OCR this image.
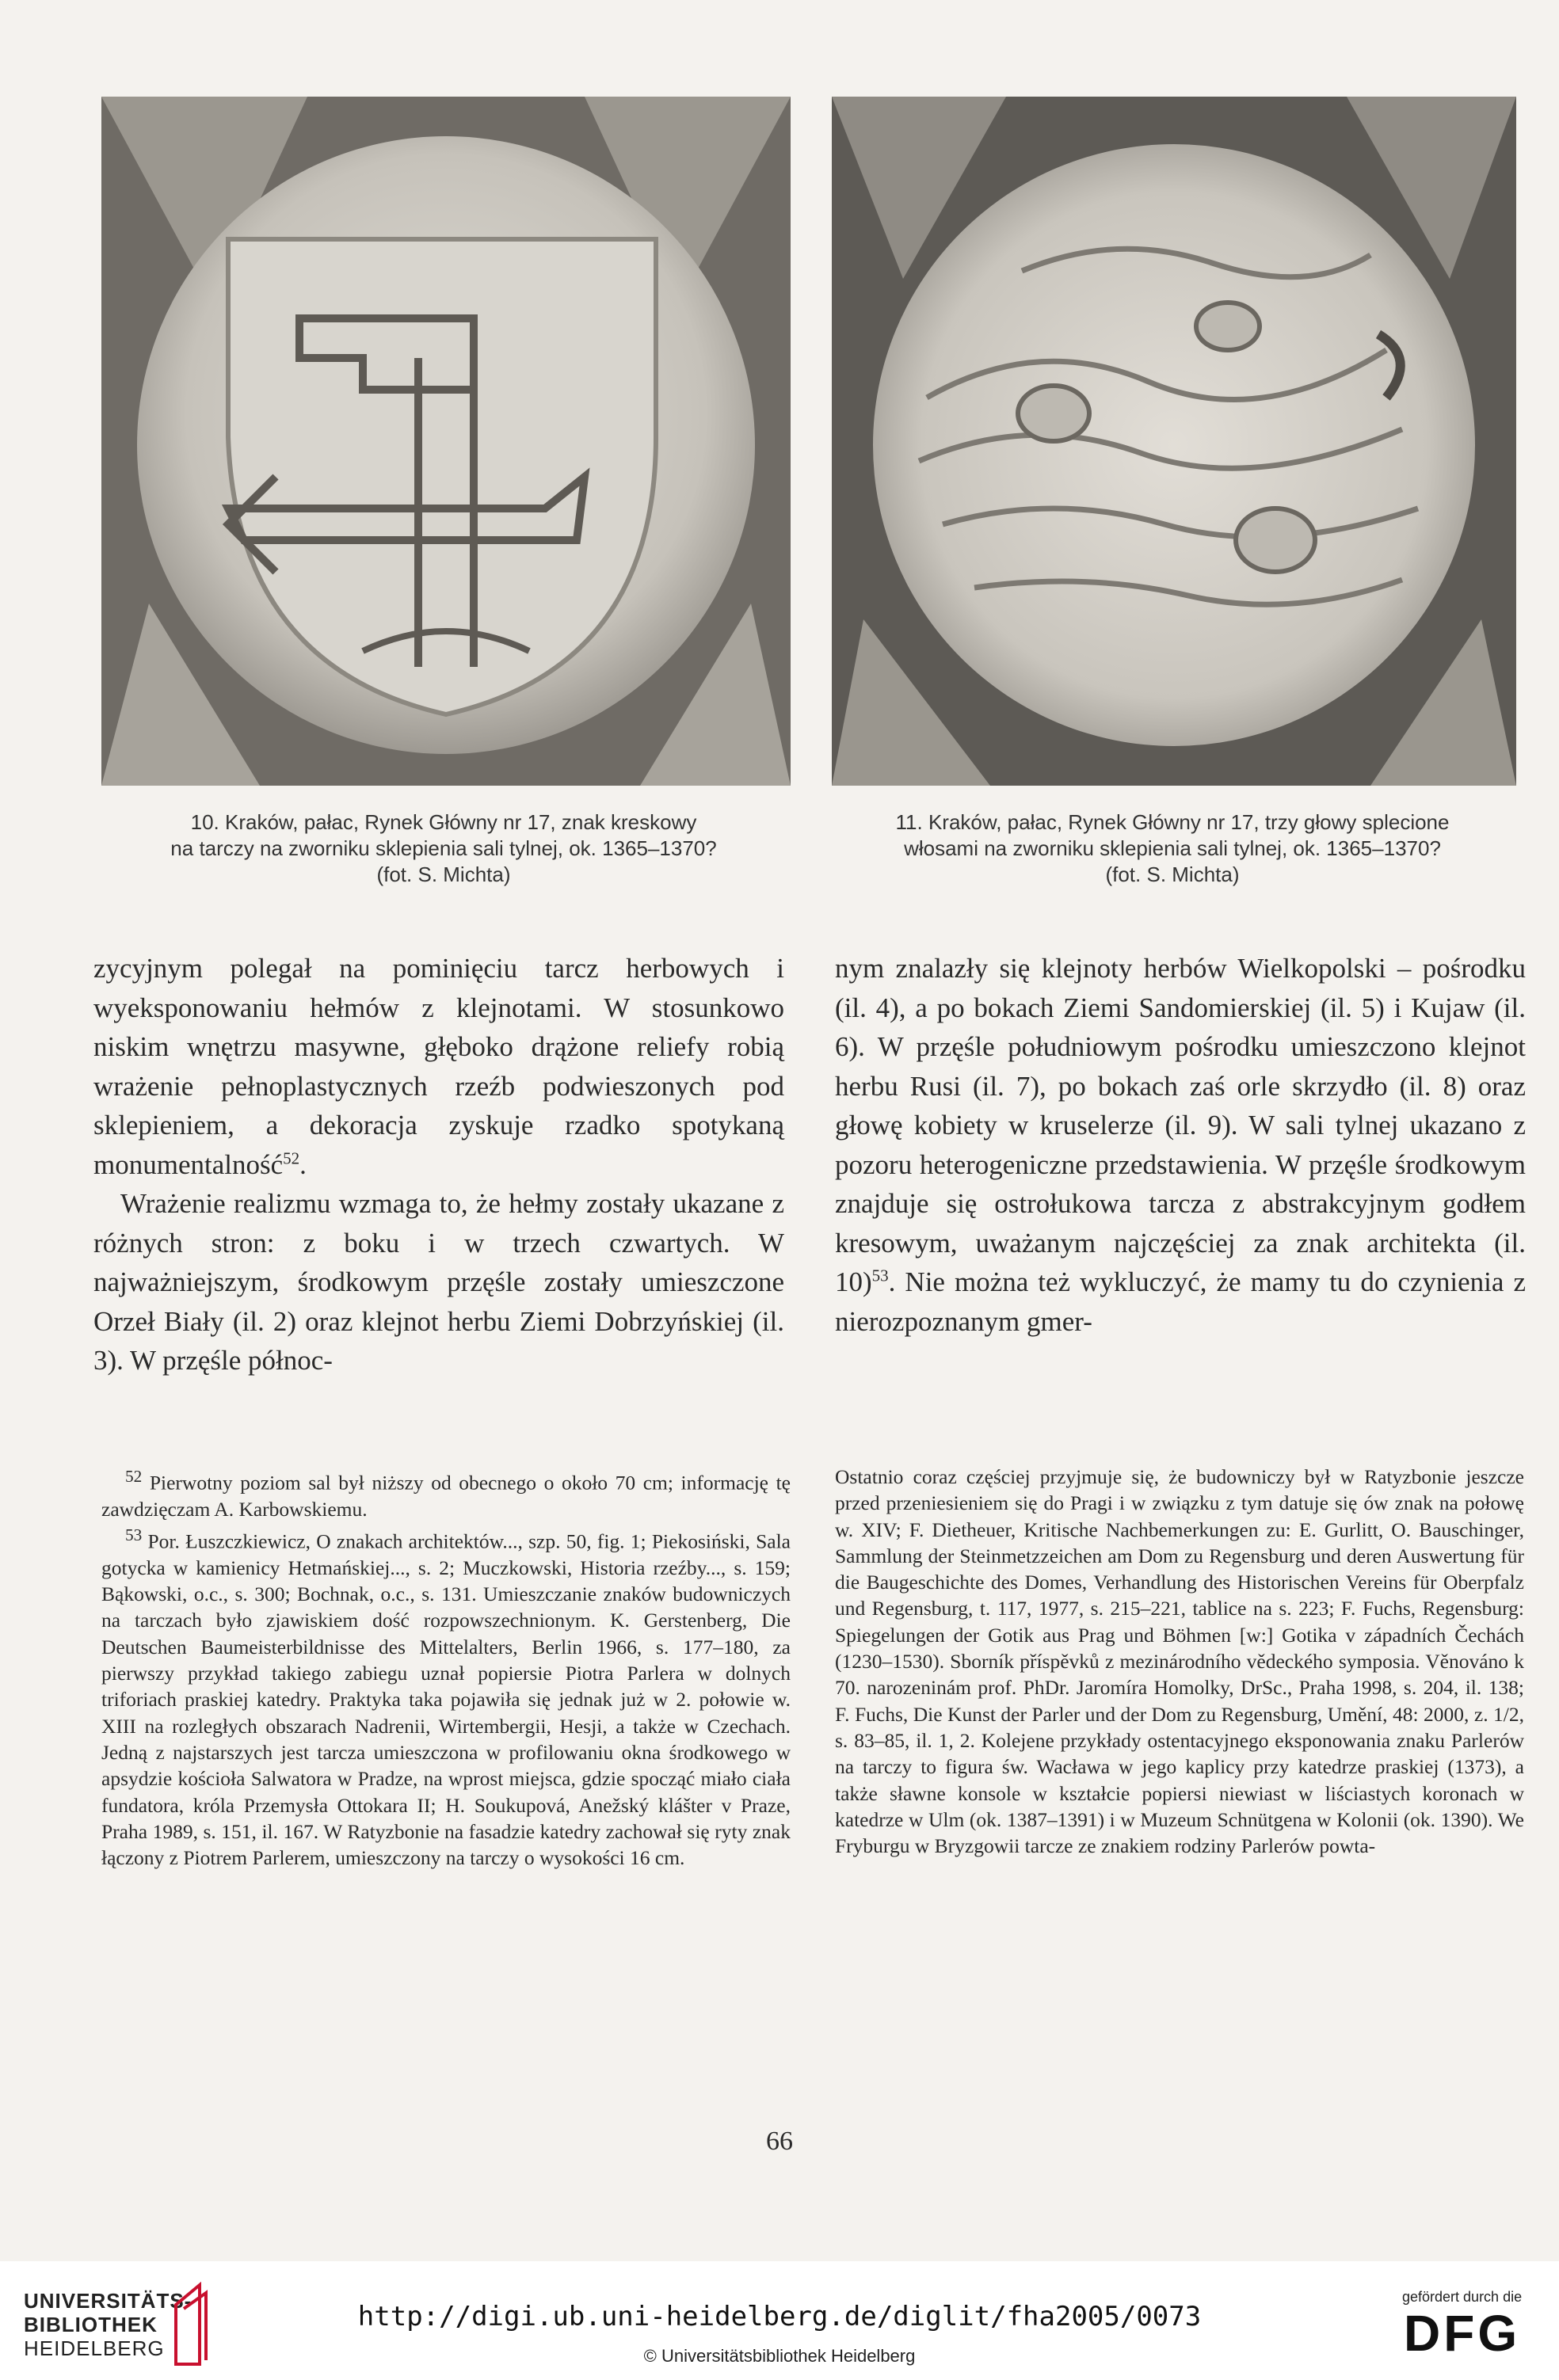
10. Kraków, pałac, Rynek Główny nr 17, znak kreskowy
na tarczy na zworniku sklepienia sali tylnej, ok. 1365–1370?
(fot. S. Michta)
11. Kraków, pałac, Rynek Główny nr 17, trzy głowy splecione
włosami na zworniku sklepienia sali tylnej, ok. 1365–1370?
(fot. S. Michta)

zycyjnym polegał na pominięciu tarcz herbowych i wyeksponowaniu hełmów z klejnotami. W stosunkowo niskim wnętrzu masywne, głęboko drążone reliefy robią wrażenie pełnoplastycznych rzeźb podwieszonych pod sklepieniem, a dekoracja zyskuje rzadko spotykaną monumentalność$^{52}$.

Wrażenie realizmu wzmaga to, że hełmy zostały ukazane z różnych stron: z boku i w trzech czwartych. W najważniejszym, środkowym przęśle zostały umieszczone Orzeł Biały (il. 2) oraz klejnot herbu Ziemi Dobrzyńskiej (il. 3). W przęśle północ-

nym znalazły się klejnoty herbów Wielkopolski – pośrodku (il. 4), a po bokach Ziemi Sandomierskiej (il. 5) i Kujaw (il. 6). W przęśle południowym pośrodku umieszczono klejnot herbu Rusi (il. 7), po bokach zaś orle skrzydło (il. 8) oraz głowę kobiety w kruselerze (il. 9). W sali tylnej ukazano z pozoru heterogeniczne przedstawienia. W przęśle środkowym znajduje się ostrołukowa tarcza z abstrakcyjnym godłem kresowym, uważanym najczęściej za znak architekta (il. 10)$^{53}$. Nie można też wykluczyć, że mamy tu do czynienia z nierozpoznanym gmer-

$^{52}$ Pierwotny poziom sal był niższy od obecnego o około 70 cm; informację tę zawdzięczam A. Karbowskiemu.

$^{53}$ Por. Łuszczkiewicz, O znakach architektów..., szp. 50, fig. 1; Piekosiński, Sala gotycka w kamienicy Hetmańskiej..., s. 2; Muczkowski, Historia rzeźby..., s. 159; Bąkowski, o.c., s. 300; Bochnak, o.c., s. 131. Umieszczanie znaków budowniczych na tarczach było zjawiskiem dość rozpowszechnionym. K. Gerstenberg, Die Deutschen Baumeisterbildnisse des Mittelalters, Berlin 1966, s. 177–180, za pierwszy przykład takiego zabiegu uznał popiersie Piotra Parlera w dolnych triforiach praskiej katedry. Praktyka taka pojawiła się jednak już w 2. połowie w. XIII na rozległych obszarach Nadrenii, Wirtembergii, Hesji, a także w Czechach. Jedną z najstarszych jest tarcza umieszczona w profilowaniu okna środkowego w apsydzie kościoła Salwatora w Pradze, na wprost miejsca, gdzie spocząć miało ciała fundatora, króla Przemysła Ottokara II; H. Soukupová, Anežský klášter v Praze, Praha 1989, s. 151, il. 167. W Ratyzbonie na fasadzie katedry zachował się ryty znak łączony z Piotrem Parlerem, umieszczony na tarczy o wysokości 16 cm.

Ostatnio coraz częściej przyjmuje się, że budowniczy był w Ratyzbonie jeszcze przed przeniesieniem się do Pragi i w związku z tym datuje się ów znak na połowę w. XIV; F. Dietheuer, Kritische Nachbemerkungen zu: E. Gurlitt, O. Bauschinger, Sammlung der Steinmetzzeichen am Dom zu Regensburg und deren Auswertung für die Baugeschichte des Domes, Verhandlung des Historischen Vereins für Oberpfalz und Regensburg, t. 117, 1977, s. 215–221, tablice na s. 223; F. Fuchs, Regensburg: Spiegelungen der Gotik aus Prag und Böhmen [w:] Gotika v západních Čechách (1230–1530). Sborník příspěvků z mezinárodního vědeckého symposia. Věnováno k 70. narozeninám prof. PhDr. Jaromíra Homolky, DrSc., Praha 1998, s. 204, il. 138; F. Fuchs, Die Kunst der Parler und der Dom zu Regensburg, Umění, 48: 2000, z. 1/2, s. 83–85, il. 1, 2. Kolejene przykłady ostentacyjnego eksponowania znaku Parlerów na tarczy to figura św. Wacława w jego kaplicy przy katedrze praskiej (1373), a także sławne konsole w kształcie popiersi niewiast w liściastych koronach w katedrze w Ulm (ok. 1387–1391) i w Muzeum Schnütgena w Kolonii (ok. 1390). We Fryburgu w Bryzgowii tarcze ze znakiem rodziny Parlerów powta-

66
UNIVERSITÄTS-
BIBLIOTHEK
HEIDELBERG
http://digi.ub.uni-heidelberg.de/diglit/fha2005/0073
© Universitätsbibliothek Heidelberg
gefördert durch die
DFG
